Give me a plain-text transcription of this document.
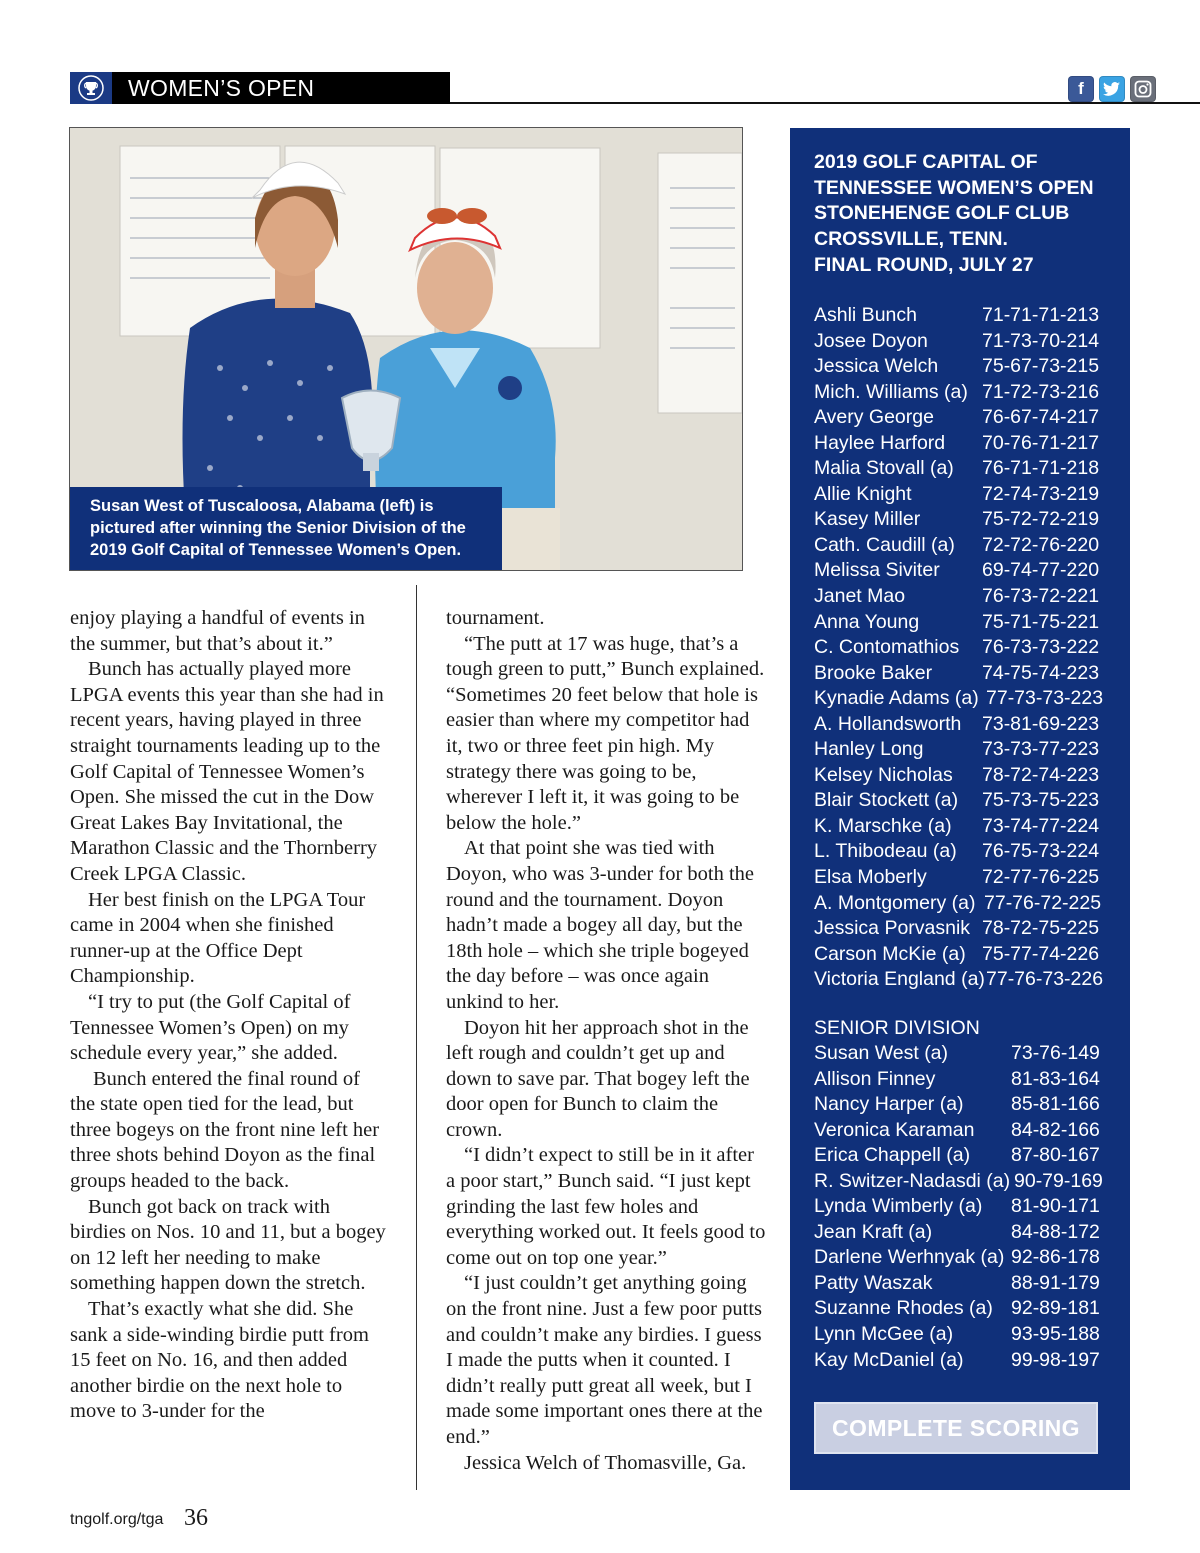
WOMEN’S OPEN	f
Susan West of Tuscaloosa, Alabama (left) is pictured after winning the Senior Division of the 2019 Golf Capital of Tennessee Women’s Open.

enjoy playing a handful of events in the summer, but that’s about it.”

Bunch has actually played more LPGA events this year than she had in recent years, having played in three straight tournaments leading up to the Golf Capital of Tennessee Women’s Open. She missed the cut in the Dow Great Lakes Bay Invitational, the Marathon Classic and the Thornberry Creek LPGA Classic.

Her best finish on the LPGA Tour came in 2004 when she finished runner-up at the Office Dept Championship.

“I try to put (the Golf Capital of Tennessee Women’s Open) on my schedule every year,” she added.

Bunch entered the final round of the state open tied for the lead, but three bogeys on the front nine left her three shots behind Doyon as the final groups headed to the back.

Bunch got back on track with birdies on Nos. 10 and 11, but a bogey on 12 left her needing to make something happen down the stretch.

That’s exactly what she did. She sank a side-winding birdie putt from 15 feet on No. 16, and then added another birdie on the next hole to move to 3-under for the

tournament.

“The putt at 17 was huge, that’s a tough green to putt,” Bunch explained. “Sometimes 20 feet below that hole is easier than where my competitor had it, two or three feet pin high. My strategy there was going to be, wherever I left it, it was going to be below the hole.”

At that point she was tied with Doyon, who was 3-under for both the round and the tournament. Doyon hadn’t made a bogey all day, but the 18th hole – which she triple bogeyed the day before – was once again unkind to her.

Doyon hit her approach shot in the left rough and couldn’t get up and down to save par. That bogey left the door open for Bunch to claim the crown.

“I didn’t expect to still be in it after a poor start,” Bunch said. “I just kept grinding the last few holes and everything worked out. It feels good to come out on top one year.”

“I just couldn’t get anything going on the front nine. Just a few poor putts and couldn’t make any birdies. I guess I made the putts when it counted. I didn’t really putt great all week, but I made some important ones there at the end.”

Jessica Welch of Thomasville, Ga.

2019 GOLF CAPITAL OF
TENNESSEE WOMEN’S OPEN
STONEHENGE GOLF CLUB
CROSSVILLE, TENN.
FINAL ROUND, JULY 27
Ashli Bunch	71-71-71-213
Josee Doyon	71-73-70-214
Jessica Welch 75-67-73-215
Mich. Williams (a) 71-72-73-216
Avery George 76-67-74-217
Haylee Harford 70-76-71-217
Malia Stovall (a) 76-71-71-218
Allie Knight	72-74-73-219
Kasey Miller	75-72-72-219
Cath. Caudill (a) 72-72-76-220
Melissa Siviter 69-74-77-220
Janet Mao	76-73-72-221
Anna Young	75-71-75-221
C. Contomathios 76-73-73-222
Brooke Baker	74-75-74-223
Kynadie Adams (a) 77-73-73-223
A. Hollandsworth 73-81-69-223
Hanley Long	73-73-77-223
Kelsey Nicholas 78-72-74-223
Blair Stockett (a) 75-73-75-223
K. Marschke (a) 73-74-77-224
L. Thibodeau (a) 76-75-73-224
Elsa Moberly	72-77-76-225
A. Montgomery (a) 77-76-72-225
Jessica Porvasnik 78-72-75-225
Carson McKie (a) 75-77-74-226
Victoria England (a) 77-76-73-226
SENIOR DIVISION
Susan West (a)	73-76-149
Allison Finney	81-83-164
Nancy Harper (a) 85-81-166
Veronica Karaman 84-82-166
Erica Chappell (a) 87-80-167
R. Switzer-Nadasdi (a) 90-79-169
Lynda Wimberly (a) 81-90-171
Jean Kraft (a)	84-88-172
Darlene Werhnyak (a) 92-86-178
Patty Waszak	88-91-179
Suzanne Rhodes (a) 92-89-181
Lynn McGee (a)	93-95-188
Kay McDaniel (a) 99-98-197
COMPLETE SCORING
tngolf.org/tga 36
